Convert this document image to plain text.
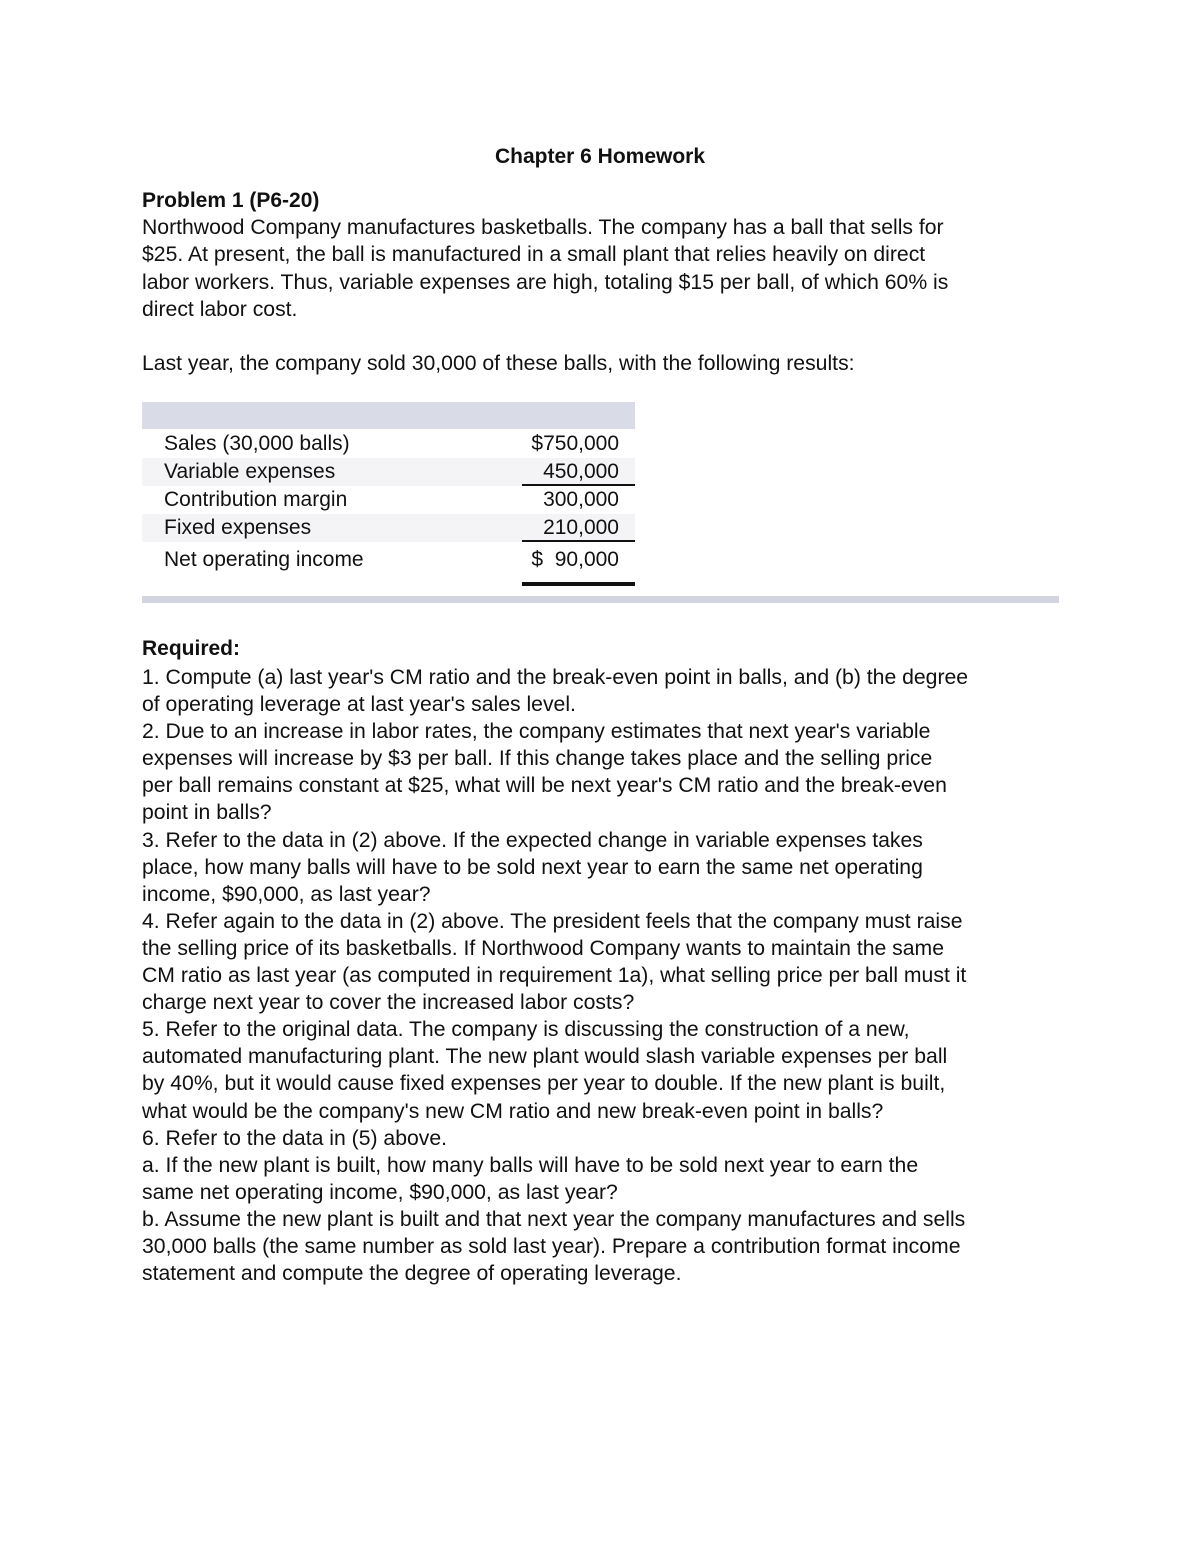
Chapter 6 Homework
Problem 1 (P6-20)
Northwood Company manufactures basketballs. The company has a ball that sells for
$25. At present, the ball is manufactured in a small plant that relies heavily on direct
labor workers. Thus, variable expenses are high, totaling $15 per ball, of which 60% is
direct labor cost.
Last year, the company sold 30,000 of these balls, with the following results:
Sales (30,000 balls)	$750,000
Variable expenses	450,000
Contribution margin	300,000
Fixed expenses	210,000
Net operating income	$  90,000
Required:
1. Compute (a) last year's CM ratio and the break-even point in balls, and (b) the degree
of operating leverage at last year's sales level.
2. Due to an increase in labor rates, the company estimates that next year's variable
expenses will increase by $3 per ball. If this change takes place and the selling price
per ball remains constant at $25, what will be next year's CM ratio and the break-even
point in balls?
3. Refer to the data in (2) above. If the expected change in variable expenses takes
place, how many balls will have to be sold next year to earn the same net operating
income, $90,000, as last year?
4. Refer again to the data in (2) above. The president feels that the company must raise
the selling price of its basketballs. If Northwood Company wants to maintain the same
CM ratio as last year (as computed in requirement 1a), what selling price per ball must it
charge next year to cover the increased labor costs?
5. Refer to the original data. The company is discussing the construction of a new,
automated manufacturing plant. The new plant would slash variable expenses per ball
by 40%, but it would cause fixed expenses per year to double. If the new plant is built,
what would be the company's new CM ratio and new break-even point in balls?
6. Refer to the data in (5) above.
a. If the new plant is built, how many balls will have to be sold next year to earn the
same net operating income, $90,000, as last year?
b. Assume the new plant is built and that next year the company manufactures and sells
30,000 balls (the same number as sold last year). Prepare a contribution format income
statement and compute the degree of operating leverage.
